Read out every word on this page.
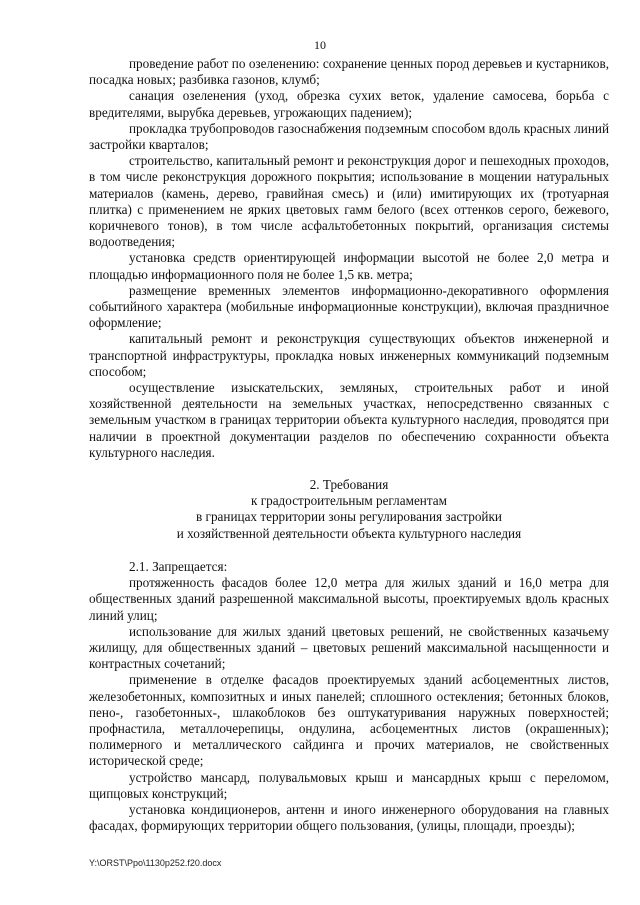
10

проведение работ по озеленению: сохранение ценных пород деревьев и кустарников, посадка новых; разбивка газонов, клумб;

санация озеленения (уход, обрезка сухих веток, удаление самосева, борьба с вредителями, вырубка деревьев, угрожающих падением);

прокладка трубопроводов газоснабжения подземным способом вдоль красных линий застройки кварталов;

строительство, капитальный ремонт и реконструкция дорог и пешеходных проходов, в том числе реконструкция дорожного покрытия; использование в мощении натуральных материалов (камень, дерево, гравийная смесь) и (или) имитирующих их (тротуарная плитка) с применением не ярких цветовых гамм белого (всех оттенков серого, бежевого, коричневого тонов), в том числе асфальтобетонных покрытий, организация системы водоотведения;

установка средств ориентирующей информации высотой не более 2,0 метра и площадью информационного поля не более 1,5 кв. метра;

размещение временных элементов информационно-декоративного оформления событийного характера (мобильные информационные конструкции), включая праздничное оформление;

капитальный ремонт и реконструкция существующих объектов инженерной и транспортной инфраструктуры, прокладка новых инженерных коммуникаций подземным способом;

осуществление изыскательских, земляных, строительных работ и иной хозяйственной деятельности на земельных участках, непосредственно связанных с земельным участком в границах территории объекта культурного наследия, проводятся при наличии в проектной документации разделов по обеспечению сохранности объекта культурного наследия.

2. Требования
к градостроительным регламентам
в границах территории зоны регулирования застройки
и хозяйственной деятельности объекта культурного наследия

2.1. Запрещается:

протяженность фасадов более 12,0 метра для жилых зданий и 16,0 метра для общественных зданий разрешенной максимальной высоты, проектируемых вдоль красных линий улиц;

использование для жилых зданий цветовых решений, не свойственных казачьему жилищу, для общественных зданий – цветовых решений максимальной насыщенности и контрастных сочетаний;

применение в отделке фасадов проектируемых зданий асбоцементных листов, железобетонных, композитных и иных панелей; сплошного остекления; бетонных блоков, пено-, газобетонных-, шлакоблоков без оштукатуривания наружных поверхностей; профнастила, металлочерепицы, ондулина, асбоцементных листов (окрашенных); полимерного и металлического сайдинга и прочих материалов, не свойственных исторической среде;

устройство мансард, полувальмовых крыш и мансардных крыш с переломом, щипцовых конструкций;

установка кондиционеров, антенн и иного инженерного оборудования на главных фасадах, формирующих территории общего пользования, (улицы, площади, проезды);

Y:\ORST\Ppo\1130p252.f20.docx
